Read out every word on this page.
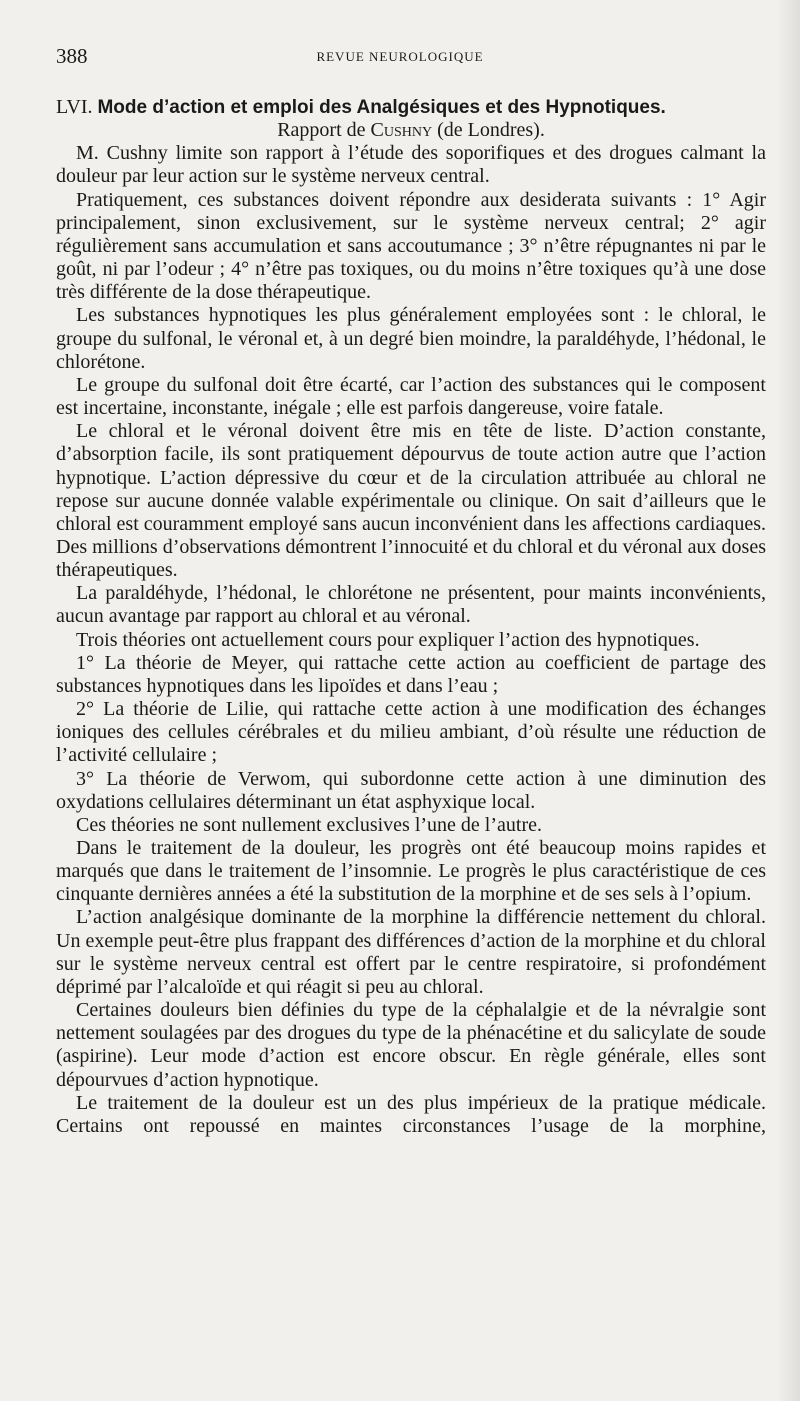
388	REVUE NEUROLOGIQUE

LVI. Mode d’action et emploi des Analgésiques et des Hypnotiques.

Rapport de Cushny (de Londres).

M. Cushny limite son rapport à l’étude des soporifiques et des drogues calmant la douleur par leur action sur le système nerveux central.

Pratiquement, ces substances doivent répondre aux desiderata suivants : 1° Agir principalement, sinon exclusivement, sur le système nerveux central; 2° agir régulièrement sans accumulation et sans accoutumance ; 3° n’être répugnantes ni par le goût, ni par l’odeur ; 4° n’être pas toxiques, ou du moins n’être toxiques qu’à une dose très différente de la dose thérapeutique.

Les substances hypnotiques les plus généralement employées sont : le chloral, le groupe du sulfonal, le véronal et, à un degré bien moindre, la paraldéhyde, l’hédonal, le chlorétone.

Le groupe du sulfonal doit être écarté, car l’action des substances qui le composent est incertaine, inconstante, inégale ; elle est parfois dangereuse, voire fatale.

Le chloral et le véronal doivent être mis en tête de liste. D’action constante, d’absorption facile, ils sont pratiquement dépourvus de toute action autre que l’action hypnotique. L’action dépressive du cœur et de la circulation attribuée au chloral ne repose sur aucune donnée valable expérimentale ou clinique. On sait d’ailleurs que le chloral est couramment employé sans aucun inconvénient dans les affections cardiaques. Des millions d’observations démontrent l’innocuité et du chloral et du véronal aux doses thérapeutiques.

La paraldéhyde, l’hédonal, le chlorétone ne présentent, pour maints inconvénients, aucun avantage par rapport au chloral et au véronal.

Trois théories ont actuellement cours pour expliquer l’action des hypnotiques.

1° La théorie de Meyer, qui rattache cette action au coefficient de partage des substances hypnotiques dans les lipoïdes et dans l’eau ;

2° La théorie de Lilie, qui rattache cette action à une modification des échanges ioniques des cellules cérébrales et du milieu ambiant, d’où résulte une réduction de l’activité cellulaire ;

3° La théorie de Verwom, qui subordonne cette action à une diminution des oxydations cellulaires déterminant un état asphyxique local.

Ces théories ne sont nullement exclusives l’une de l’autre.

Dans le traitement de la douleur, les progrès ont été beaucoup moins rapides et marqués que dans le traitement de l’insomnie. Le progrès le plus caractéristique de ces cinquante dernières années a été la substitution de la morphine et de ses sels à l’opium.

L’action analgésique dominante de la morphine la différencie nettement du chloral. Un exemple peut-être plus frappant des différences d’action de la morphine et du chloral sur le système nerveux central est offert par le centre respiratoire, si profondément déprimé par l’alcaloïde et qui réagit si peu au chloral.

Certaines douleurs bien définies du type de la céphalalgie et de la névralgie sont nettement soulagées par des drogues du type de la phénacétine et du salicylate de soude (aspirine). Leur mode d’action est encore obscur. En règle générale, elles sont dépourvues d’action hypnotique.

Le traitement de la douleur est un des plus impérieux de la pratique médicale. Certains ont repoussé en maintes circonstances l’usage de la morphine,
